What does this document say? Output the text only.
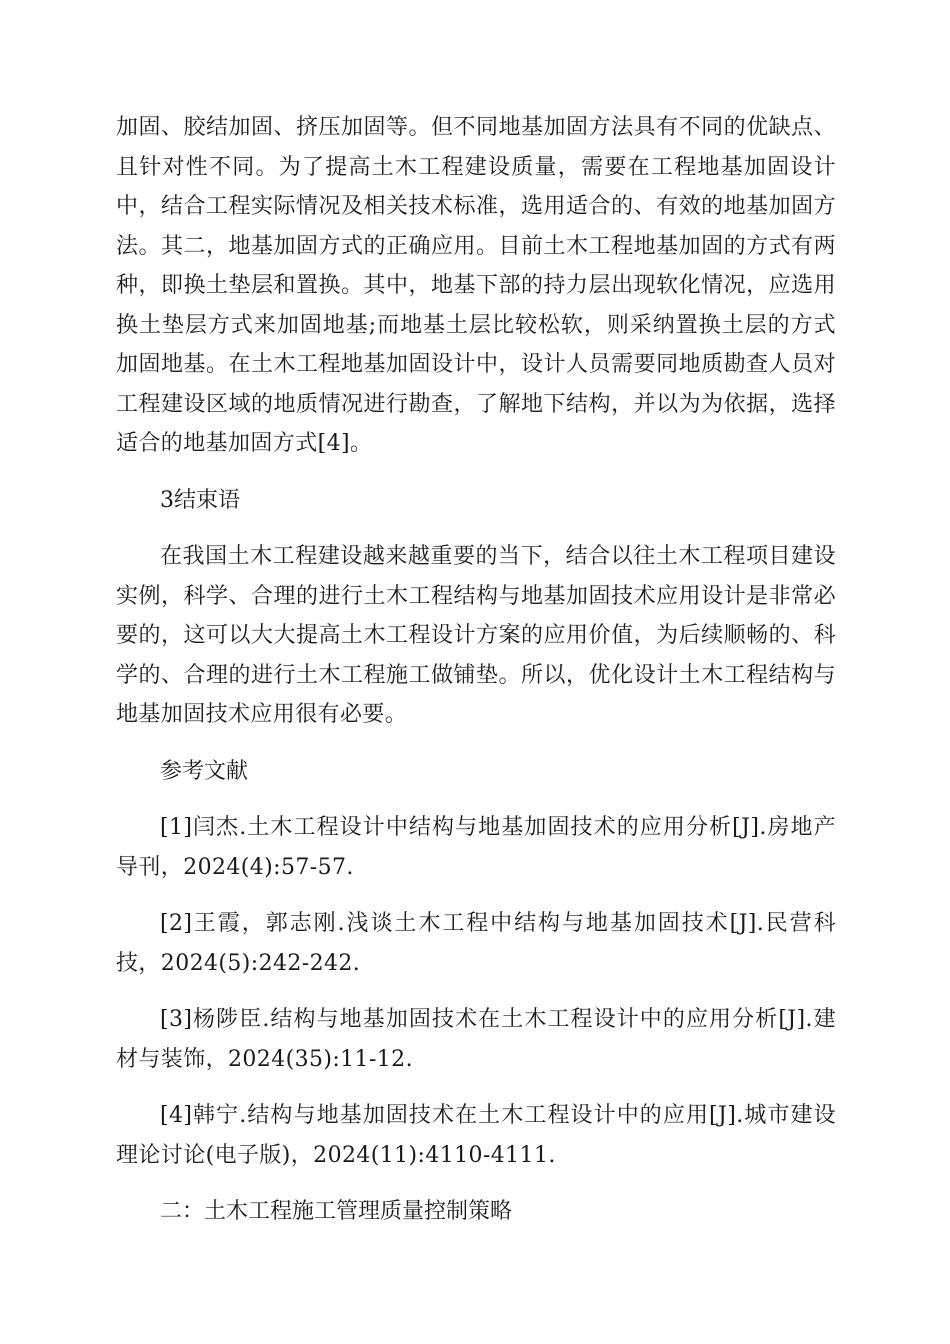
加固、胶结加固、挤压加固等。但不同地基加固方法具有不同的优缺点、且针对性不同。为了提高土木工程建设质量，需要在工程地基加固设计中，结合工程实际情况及相关技术标准，选用适合的、有效的地基加固方法。其二，地基加固方式的正确应用。目前土木工程地基加固的方式有两种，即换土垫层和置换。其中，地基下部的持力层出现软化情况，应选用换土垫层方式来加固地基;而地基土层比较松软，则采纳置换土层的方式加固地基。在土木工程地基加固设计中，设计人员需要同地质勘查人员对工程建设区域的地质情况进行勘查，了解地下结构，并以为为依据，选择适合的地基加固方式[4]。

3结束语

在我国土木工程建设越来越重要的当下，结合以往土木工程项目建设实例，科学、合理的进行土木工程结构与地基加固技术应用设计是非常必要的，这可以大大提高土木工程设计方案的应用价值，为后续顺畅的、科学的、合理的进行土木工程施工做铺垫。所以，优化设计土木工程结构与地基加固技术应用很有必要。

参考文献

[1]闫杰.土木工程设计中结构与地基加固技术的应用分析[J].房地产导刊，2024(4):57-57.

[2]王霞，郭志刚.浅谈土木工程中结构与地基加固技术[J].民营科技，2024(5):242-242.

[3]杨陟臣.结构与地基加固技术在土木工程设计中的应用分析[J].建材与装饰，2024(35):11-12.

[4]韩宁.结构与地基加固技术在土木工程设计中的应用[J].城市建设理论讨论(电子版)，2024(11):4110-4111.

二：土木工程施工管理质量控制策略
